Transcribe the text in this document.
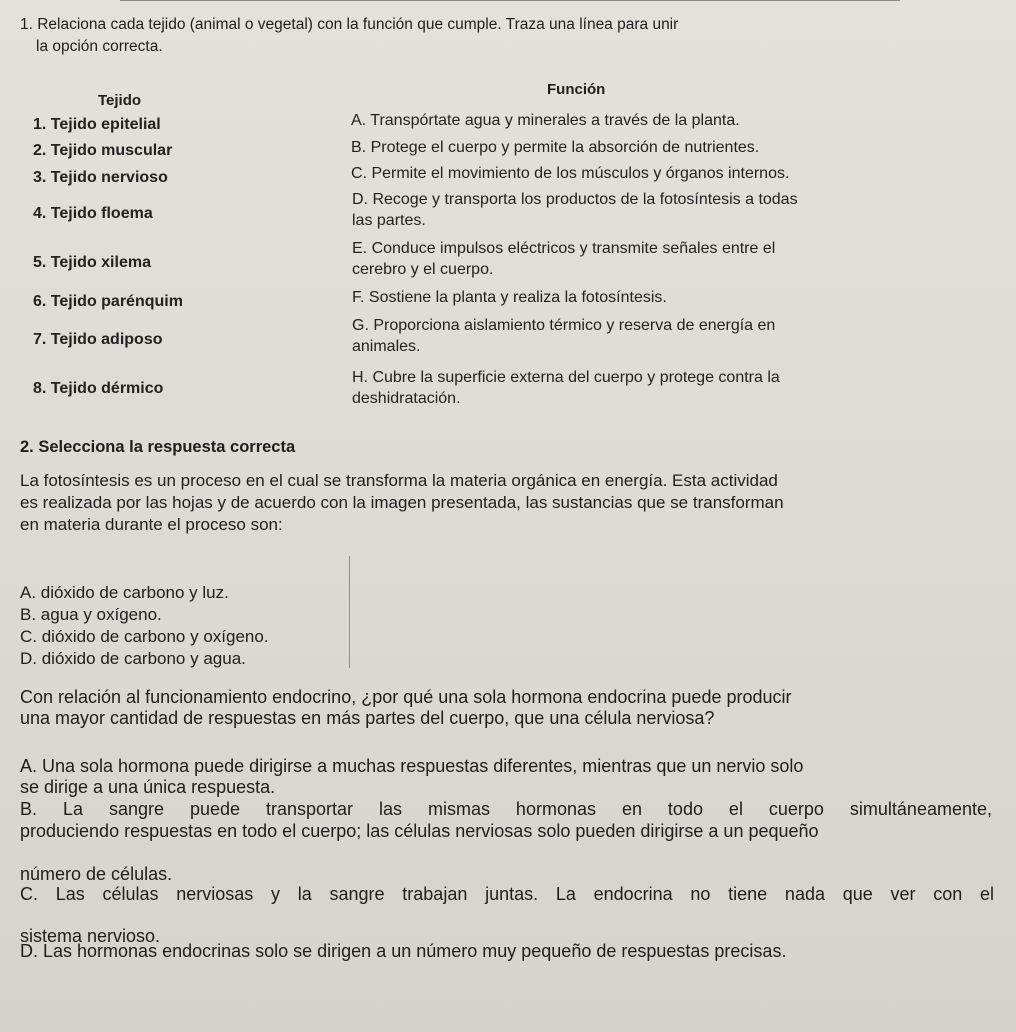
1. Relaciona cada tejido (animal o vegetal) con la función que cumple. Traza una línea para unir
la opción correcta.
Tejido
Función
1. Tejido epitelial
2. Tejido muscular
3. Tejido nervioso
4. Tejido floema
5. Tejido xilema
6. Tejido parénquim
7. Tejido adiposo
8. Tejido dérmico
A. Transpórtate agua y minerales a través de la planta.
B. Protege el cuerpo y permite la absorción de nutrientes.
C. Permite el movimiento de los músculos y órganos internos.
D. Recoge y transporta los productos de la fotosíntesis a todas
las partes.
E. Conduce impulsos eléctricos y transmite señales entre el
cerebro y el cuerpo.
F. Sostiene la planta y realiza la fotosíntesis.
G. Proporciona aislamiento térmico y reserva de energía en
animales.
H. Cubre la superficie externa del cuerpo y protege contra la
deshidratación.
2. Selecciona la respuesta correcta
La fotosíntesis es un proceso en el cual se transforma la materia orgánica en energía. Esta actividad
es realizada por las hojas y de acuerdo con la imagen presentada, las sustancias que se transforman
en materia durante el proceso son:
A. dióxido de carbono y luz.
B. agua y oxígeno.
C. dióxido de carbono y oxígeno.
D. dióxido de carbono y agua.
Con relación al funcionamiento endocrino, ¿por qué una sola hormona endocrina puede producir
una mayor cantidad de respuestas en más partes del cuerpo, que una célula nerviosa?
A. Una sola hormona puede dirigirse a muchas respuestas diferentes, mientras que un nervio solo
se dirige a una única respuesta.
B. La sangre puede transportar las mismas hormonas en todo el cuerpo simultáneamente,
produciendo respuestas en todo el cuerpo; las células nerviosas solo pueden dirigirse a un pequeño
número de células.
C. Las células nerviosas y la sangre trabajan juntas. La endocrina no tiene nada que ver con el
sistema nervioso.
D. Las hormonas endocrinas solo se dirigen a un número muy pequeño de respuestas precisas.
